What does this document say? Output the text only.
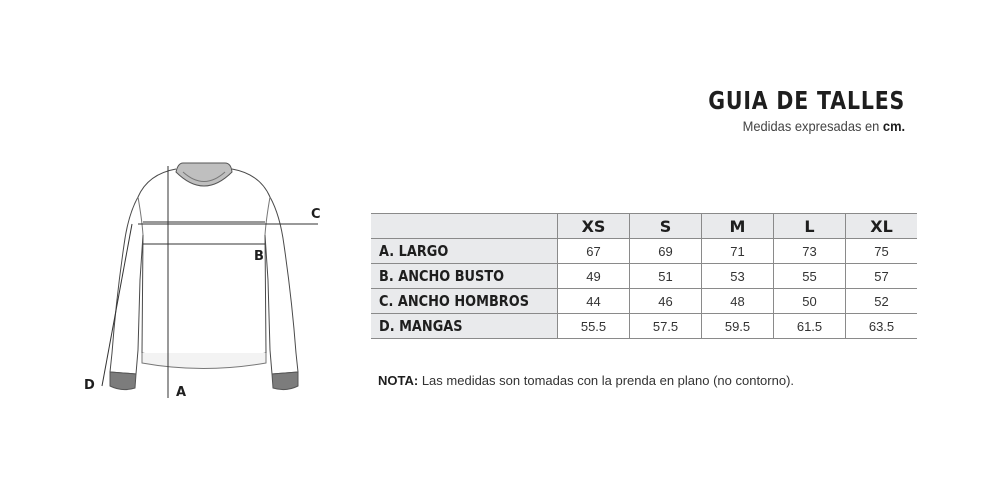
GUIA DE TALLES
Medidas expresadas en cm.
A
B
C
D
	XS	S	M	L	XL
A. LARGO	67	69	71	73	75
B. ANCHO BUSTO	49	51	53	55	57
C. ANCHO HOMBROS	44	46	48	50	52
D. MANGAS	55.5	57.5	59.5	61.5	63.5
NOTA: Las medidas son tomadas con la prenda en plano (no contorno).
